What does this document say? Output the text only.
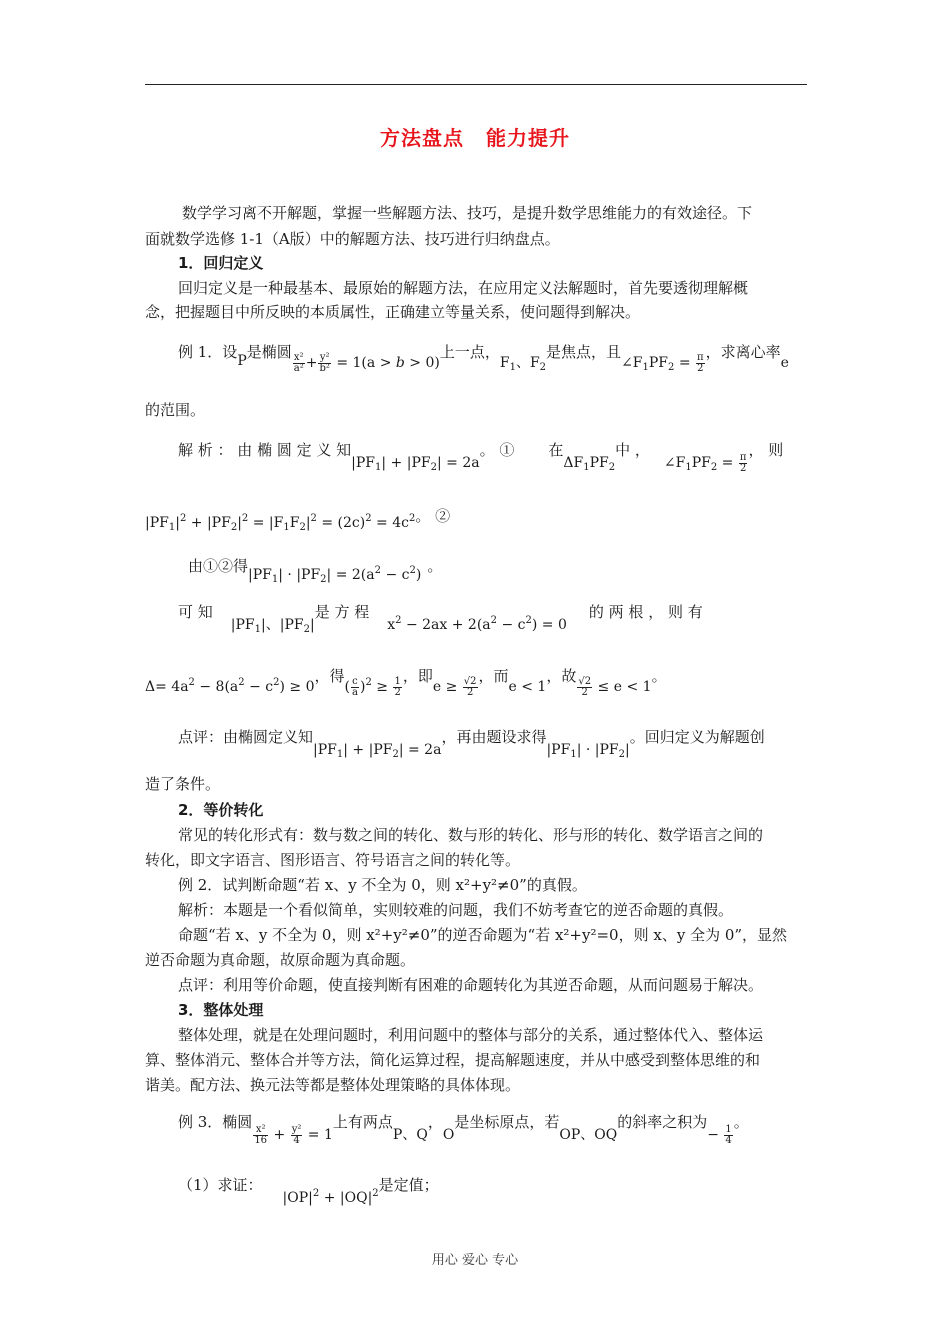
方法盘点 能力提升
数学学习离不开解题，掌握一些解题方法、技巧，是提升数学思维能力的有效途径。下
面就数学选修 1-1（A版）中的解题方法、技巧进行归纳盘点。
1．回归定义
回归定义是一种最基本、最原始的解题方法，在应用定义法解题时，首先要透彻理解概
念，把握题目中所反映的本质属性，正确建立等量关系，使问题得到解决。
例 1．设P是椭圆
$\frac{\text{x²}}{\text{a²}} + \frac{\text{y²}}{\text{b²}} = 1(a > b > 0)$上一点，$F_1$、$F_2$是焦点，且$\angle F_1PF_2 = \frac{\pi}{2}$
，求离心率e
的范围。
解 析 ： 由 椭 圆 定 义 知$|PF_1| + |PF_2| = 2a$。 ① 在$\Delta F_1PF_2$中 ，$\angle F_1PF_2 = \frac{\pi}{2}$
， 则
$|PF_1|^2 + |PF_2|^2 = |F_1F_2|^2 = (2c)^2 = 4c^2$。 ②
由①②得$|PF_1| \cdot |PF_2| = 2(a^2 - c^2)$ 。
可 知$|PF_1|$、$|PF_2|$是 方 程$x^2 - 2ax + 2(a^2 - c^2) = 0$的 两 根 ， 则 有
$\Delta= 4a^2 - 8(a^2 - c^2) \ge 0$，得( $\frac{c}{a} )^2 \ge \frac{1}{2}$
，即$e \ge \frac{√2}{2}$
，而e < 1，故
$\frac{√2}{2} \le e < 1$。
点评：由椭圆定义知$|PF_1| + |PF_2| = 2a$，再由题设求得$|PF_1| \cdot |PF_2|$。回归定义为解题创
造了条件。
2．等价转化
常见的转化形式有：数与数之间的转化、数与形的转化、形与形的转化、数学语言之间的
转化，即文字语言、图形语言、符号语言之间的转化等。
例 2．试判断命题“若 x、y 不全为 0，则 x²+y²≠0”的真假。
解析：本题是一个看似简单，实则较难的问题，我们不妨考查它的逆否命题的真假。
命题“若 x、y 不全为 0，则 x²+y²≠0”的逆否命题为“若 x²+y²=0，则 x、y 全为 0”，显然
逆否命题为真命题，故原命题为真命题。
点评：利用等价命题，使直接判断有困难的命题转化为其逆否命题，从而问题易于解决。
3．整体处理
整体处理，就是在处理问题时，利用问题中的整体与部分的关系，通过整体代入、整体运
算、整体消元、整体合并等方法，简化运算过程，提高解题速度，并从中感受到整体思维的和
谐美。配方法、换元法等都是整体处理策略的具体体现。
例 3．椭圆
$\frac{\text{x²}}{16} + \frac{\text{y²}}{4} = 1$上有两点P、Q，O是坐标原点，若OP、OQ的斜率之积为− $\frac{1}{4}$
。
（1）求证：$|OP|^2 + |OQ|^2$是定值；
用心 爱心 专心
